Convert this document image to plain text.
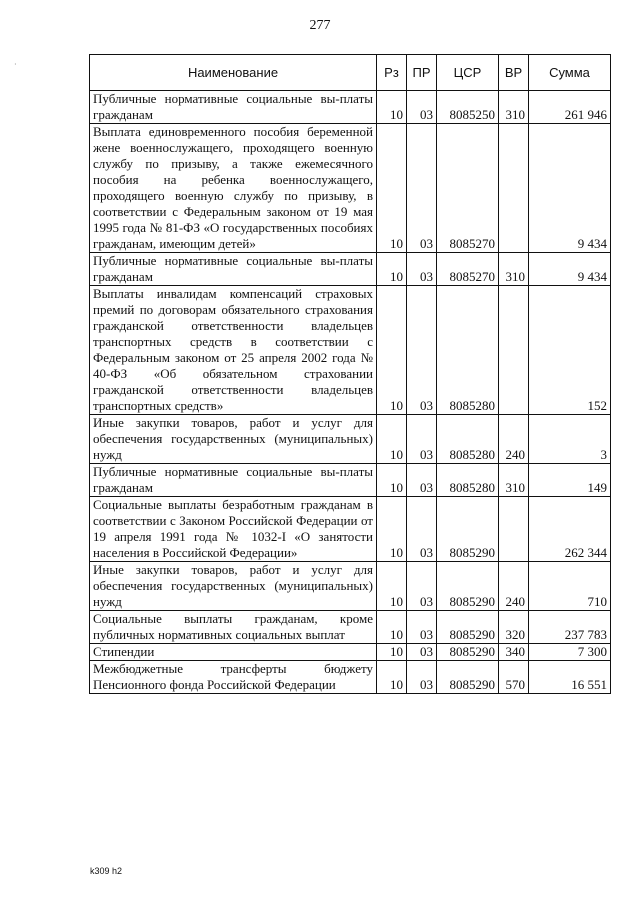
277
·	Наименование	Рз	ПР	ЦСР	ВР	Сумма
Публичные нормативные социальные вы-платы гражданам	10	03	8085250	310	261 946
Выплата единовременного пособия беременной жене военнослужащего, проходящего военную службу по призыву, а также ежемесячного пособия на ребенка военнослужащего, проходящего военную службу по призыву, в соответствии с Федеральным законом от 19 мая 1995 года № 81-ФЗ «О государственных пособиях гражданам, имеющим детей»	10	03	8085270		9 434
Публичные нормативные социальные вы-платы гражданам	10	03	8085270	310	9 434
Выплаты инвалидам компенсаций страховых премий по договорам обязательного страхования гражданской ответственности владельцев транспортных средств в соответствии с Федеральным законом от 25 апреля 2002 года № 40-ФЗ «Об обязательном страховании гражданской ответственности владельцев транспортных средств»	10	03	8085280		152
Иные закупки товаров, работ и услуг для обеспечения государственных (муниципальных) нужд	10	03	8085280	240	3
Публичные нормативные социальные вы-платы гражданам	10	03	8085280	310	149
Социальные выплаты безработным гражданам в соответствии с Законом Российской Федерации от 19 апреля 1991 года № 1032-I «О занятости населения в Российской Федерации»	10	03	8085290		262 344
Иные закупки товаров, работ и услуг для обеспечения государственных (муниципальных) нужд	10	03	8085290	240	710
Социальные выплаты гражданам, кроме публичных нормативных социальных выплат	10	03	8085290	320	237 783
Стипендии	10	03	8085290	340	7 300
Межбюджетные трансферты бюджету Пенсионного фонда Российской Федерации	10	03	8085290	570	16 551
k309 h2
